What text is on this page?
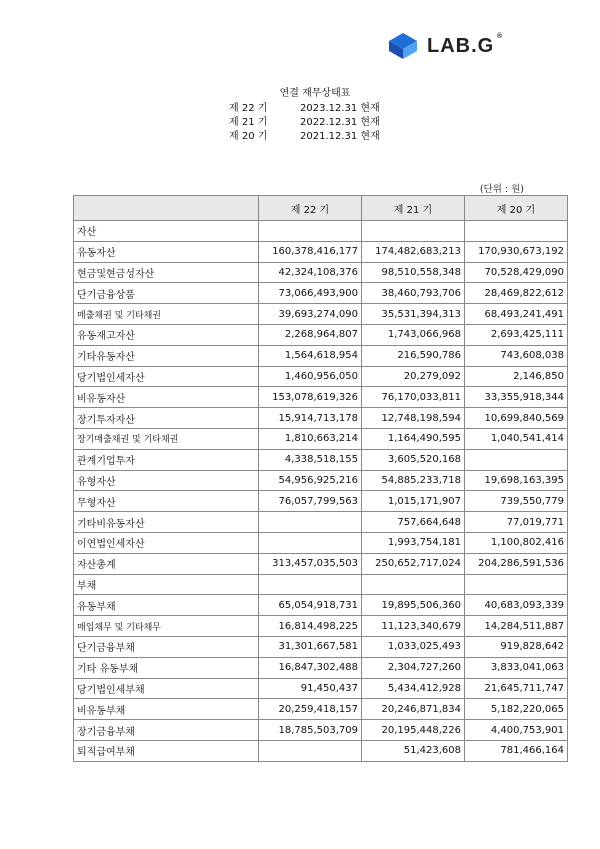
LAB.G ®
연결 재무상태표
제 22 기	2023.12.31 현재
제 21 기	2022.12.31 현재
제 20 기	2021.12.31 현재
(단위 : 원)
	제 22 기	제 21 기	제 20 기
자산			
유동자산	160,378,416,177	174,482,683,213	170,930,673,192
현금및현금성자산	42,324,108,376	98,510,558,348	70,528,429,090
단기금융상품	73,066,493,900	38,460,793,706	28,469,822,612
매출채권 및 기타채권	39,693,274,090	35,531,394,313	68,493,241,491
유동재고자산	2,268,964,807	1,743,066,968	2,693,425,111
기타유동자산	1,564,618,954	216,590,786	743,608,038
당기법인세자산	1,460,956,050	20,279,092	2,146,850
비유동자산	153,078,619,326	76,170,033,811	33,355,918,344
장기투자자산	15,914,713,178	12,748,198,594	10,699,840,569
장기매출채권 및 기타채권	1,810,663,214	1,164,490,595	1,040,541,414
관계기업투자	4,338,518,155	3,605,520,168	
유형자산	54,956,925,216	54,885,233,718	19,698,163,395
무형자산	76,057,799,563	1,015,171,907	739,550,779
기타비유동자산		757,664,648	77,019,771
이연법인세자산		1,993,754,181	1,100,802,416
자산총계	313,457,035,503	250,652,717,024	204,286,591,536
부채			
유동부채	65,054,918,731	19,895,506,360	40,683,093,339
매입채무 및 기타채무	16,814,498,225	11,123,340,679	14,284,511,887
단기금융부채	31,301,667,581	1,033,025,493	919,828,642
기타 유동부채	16,847,302,488	2,304,727,260	3,833,041,063
당기법인세부채	91,450,437	5,434,412,928	21,645,711,747
비유동부채	20,259,418,157	20,246,871,834	5,182,220,065
장기금융부채	18,785,503,709	20,195,448,226	4,400,753,901
퇴직급여부채		51,423,608	781,466,164
